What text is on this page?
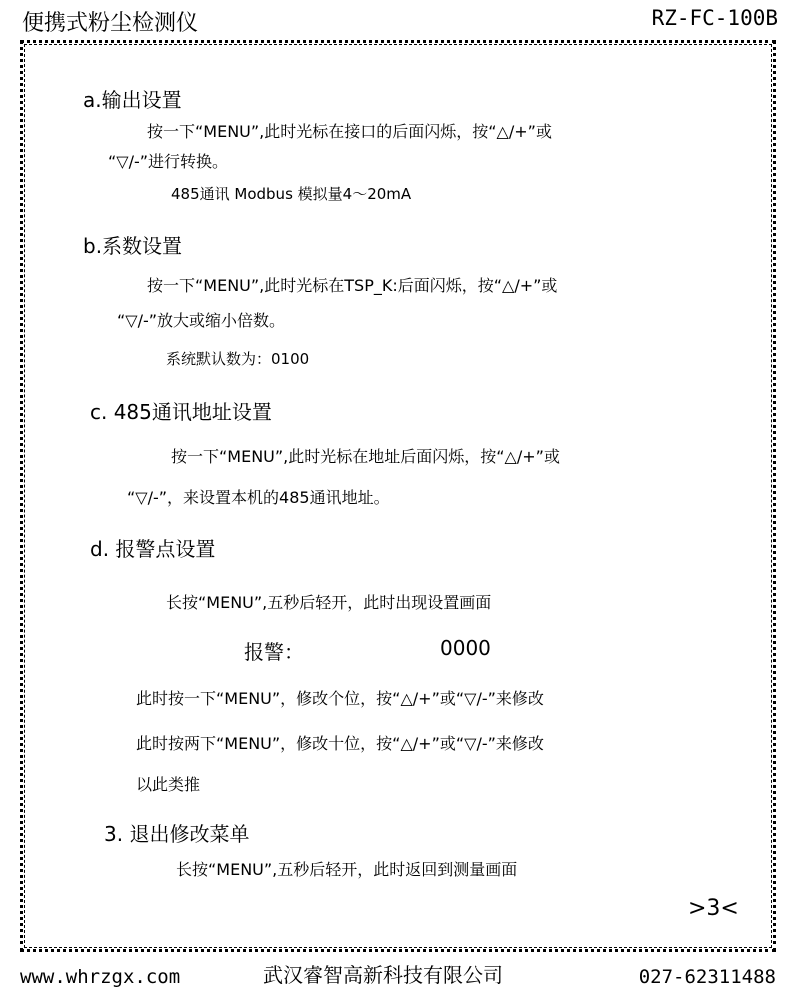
便携式粉尘检测仪	RZ-FC-100B
a.输出设置
按一下“MENU”,此时光标在接口的后面闪烁，按“△/+”或
“▽/-”进行转换。
485通讯 Modbus 模拟量4～20mA
b.系数设置
按一下“MENU”,此时光标在TSP_K:后面闪烁，按“△/+”或
“▽/-”放大或缩小倍数。
系统默认数为：0100
c. 485通讯地址设置
按一下“MENU”,此时光标在地址后面闪烁，按“△/+”或
“▽/-”，来设置本机的485通讯地址。
d. 报警点设置
长按“MENU”,五秒后轻开，此时出现设置画面
报警：	0000
此时按一下“MENU”，修改个位，按“△/+”或“▽/-”来修改
此时按两下“MENU”，修改十位，按“△/+”或“▽/-”来修改
以此类推
3. 退出修改菜单
长按“MENU”,五秒后轻开，此时返回到测量画面
>3<
www.whrzgx.com	武汉睿智高新科技有限公司	027-62311488
